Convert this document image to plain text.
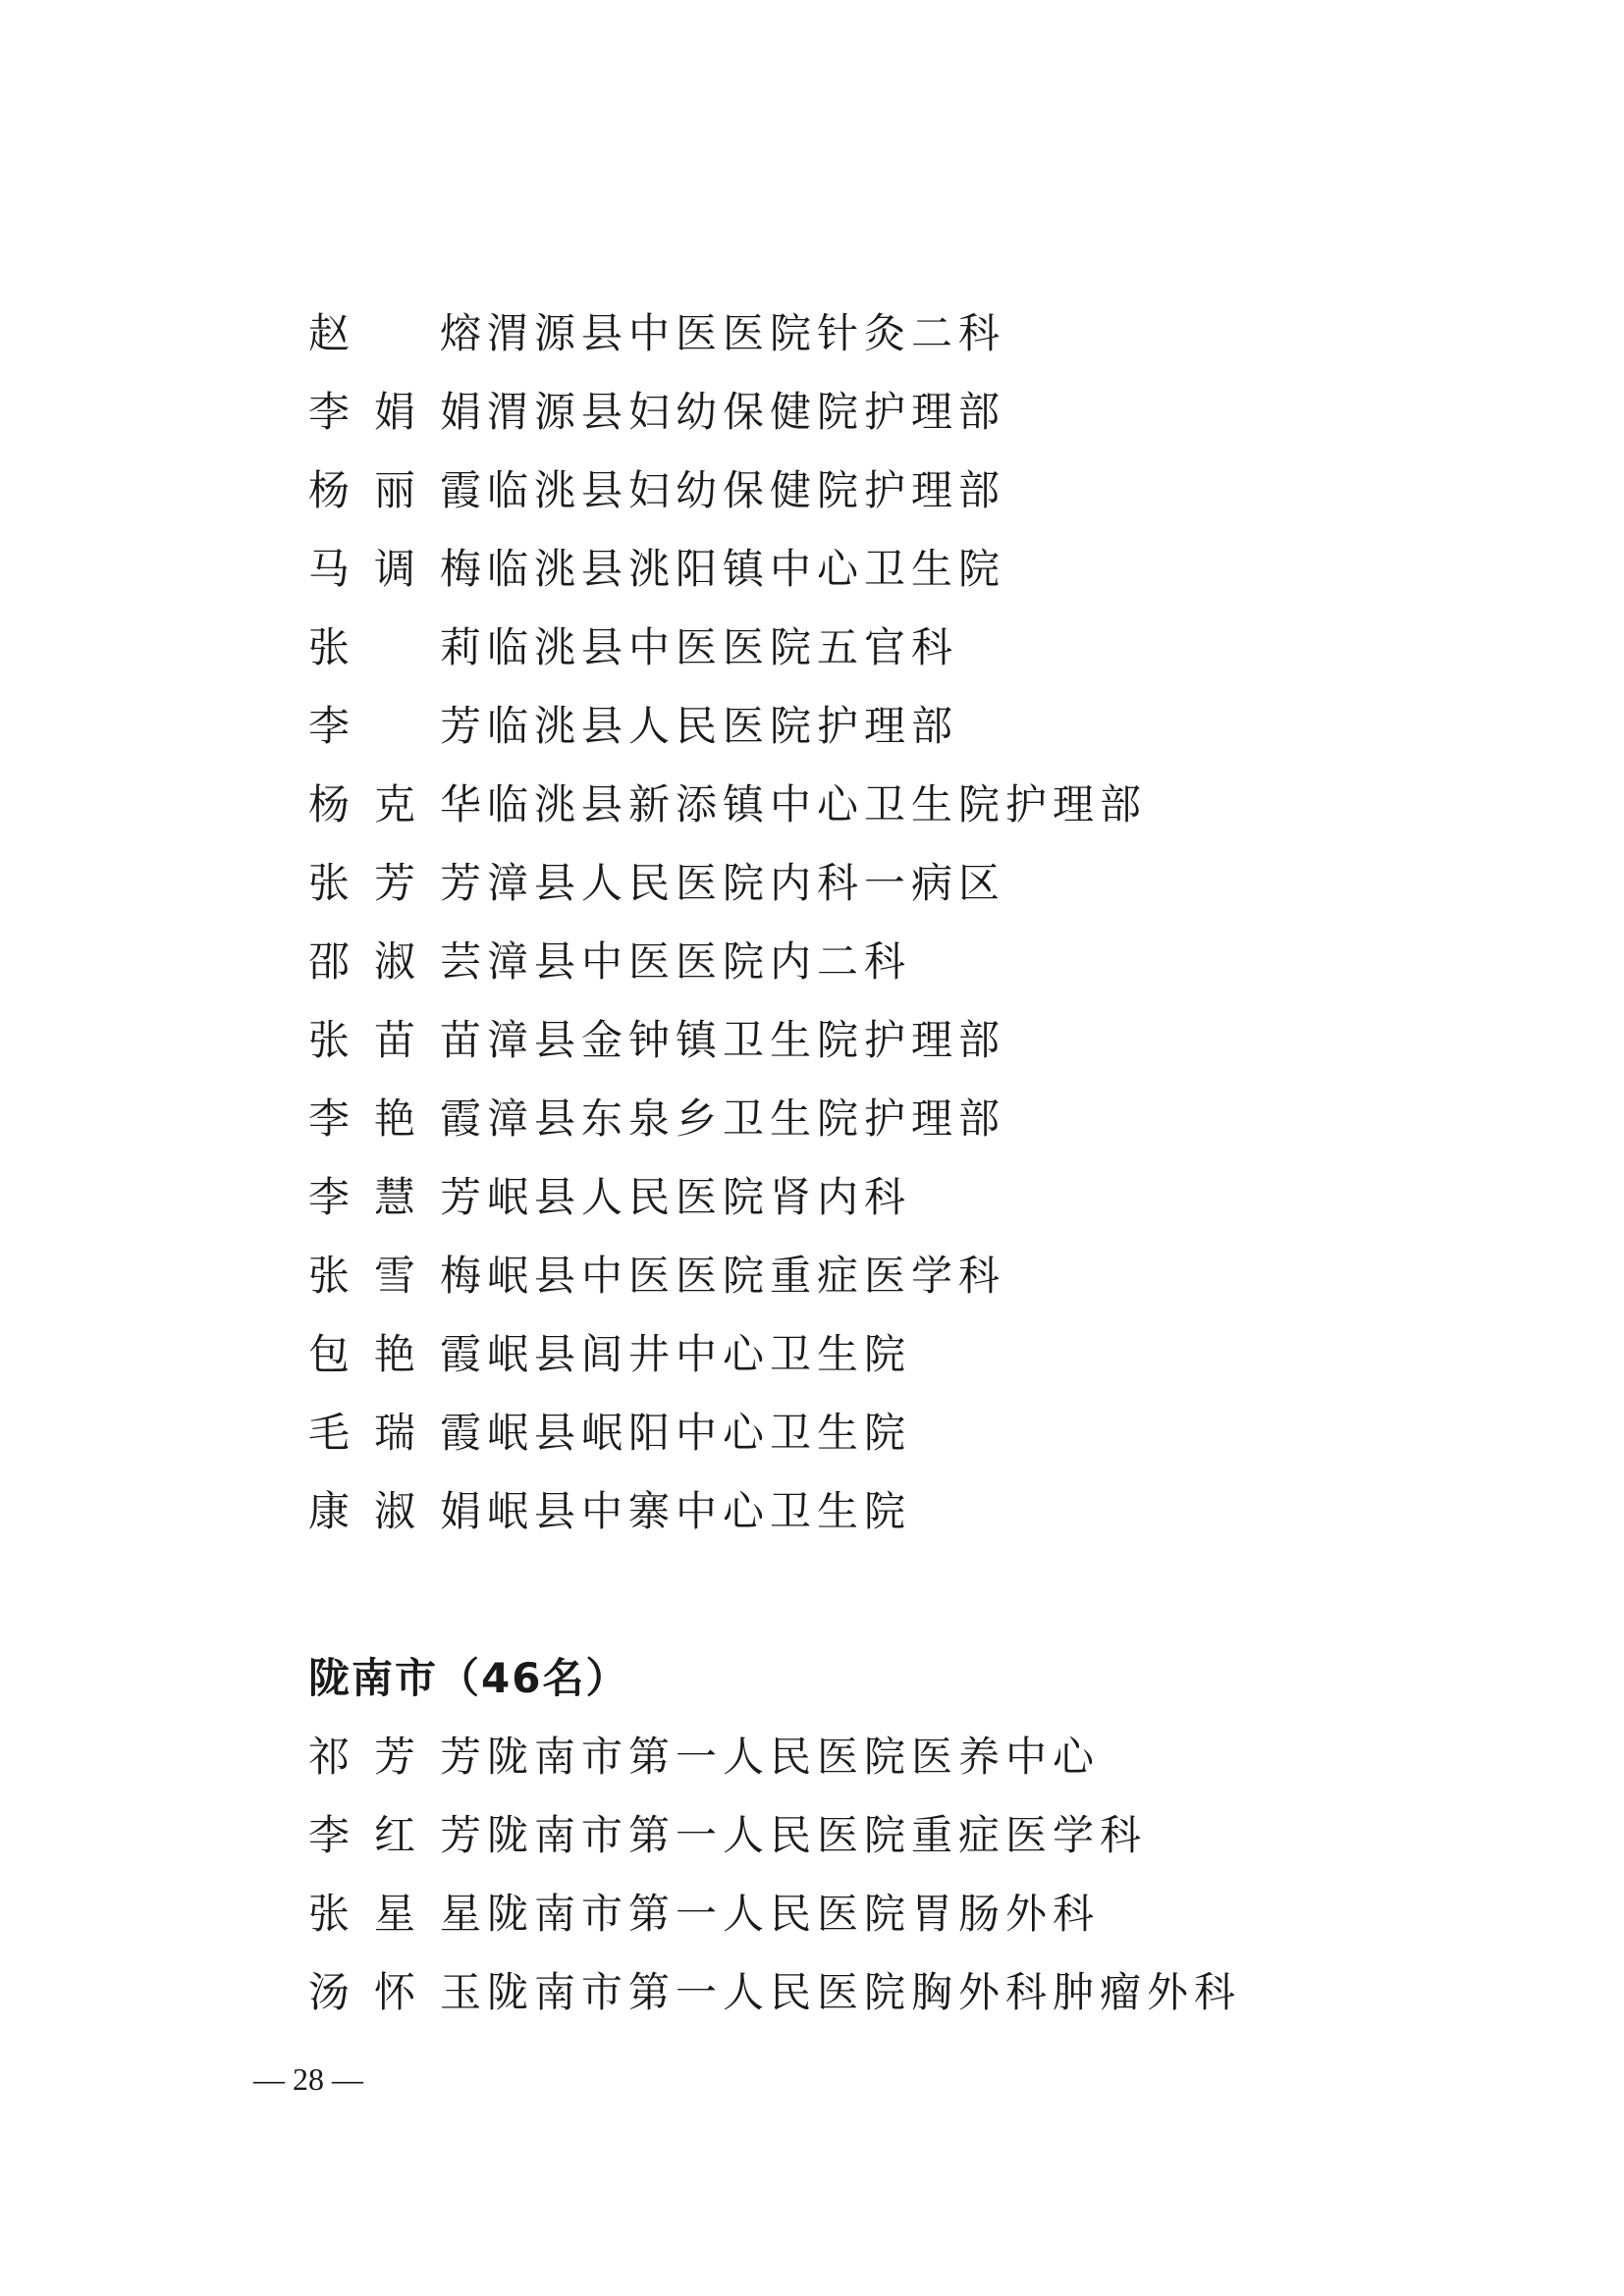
赵　熔 渭源县中医医院针灸二科
李娟娟 渭源县妇幼保健院护理部
杨丽霞 临洮县妇幼保健院护理部
马调梅 临洮县洮阳镇中心卫生院
张　莉 临洮县中医医院五官科
李　芳 临洮县人民医院护理部
杨克华 临洮县新添镇中心卫生院护理部
张芳芳 漳县人民医院内科一病区
邵淑芸 漳县中医医院内二科
张苗苗 漳县金钟镇卫生院护理部
李艳霞 漳县东泉乡卫生院护理部
李慧芳 岷县人民医院肾内科
张雪梅 岷县中医医院重症医学科
包艳霞 岷县闾井中心卫生院
毛瑞霞 岷县岷阳中心卫生院
康淑娟 岷县中寨中心卫生院
陇南市（46名）
祁芳芳 陇南市第一人民医院医养中心
李红芳 陇南市第一人民医院重症医学科
张星星 陇南市第一人民医院胃肠外科
汤怀玉 陇南市第一人民医院胸外科肿瘤外科
— 28 —
